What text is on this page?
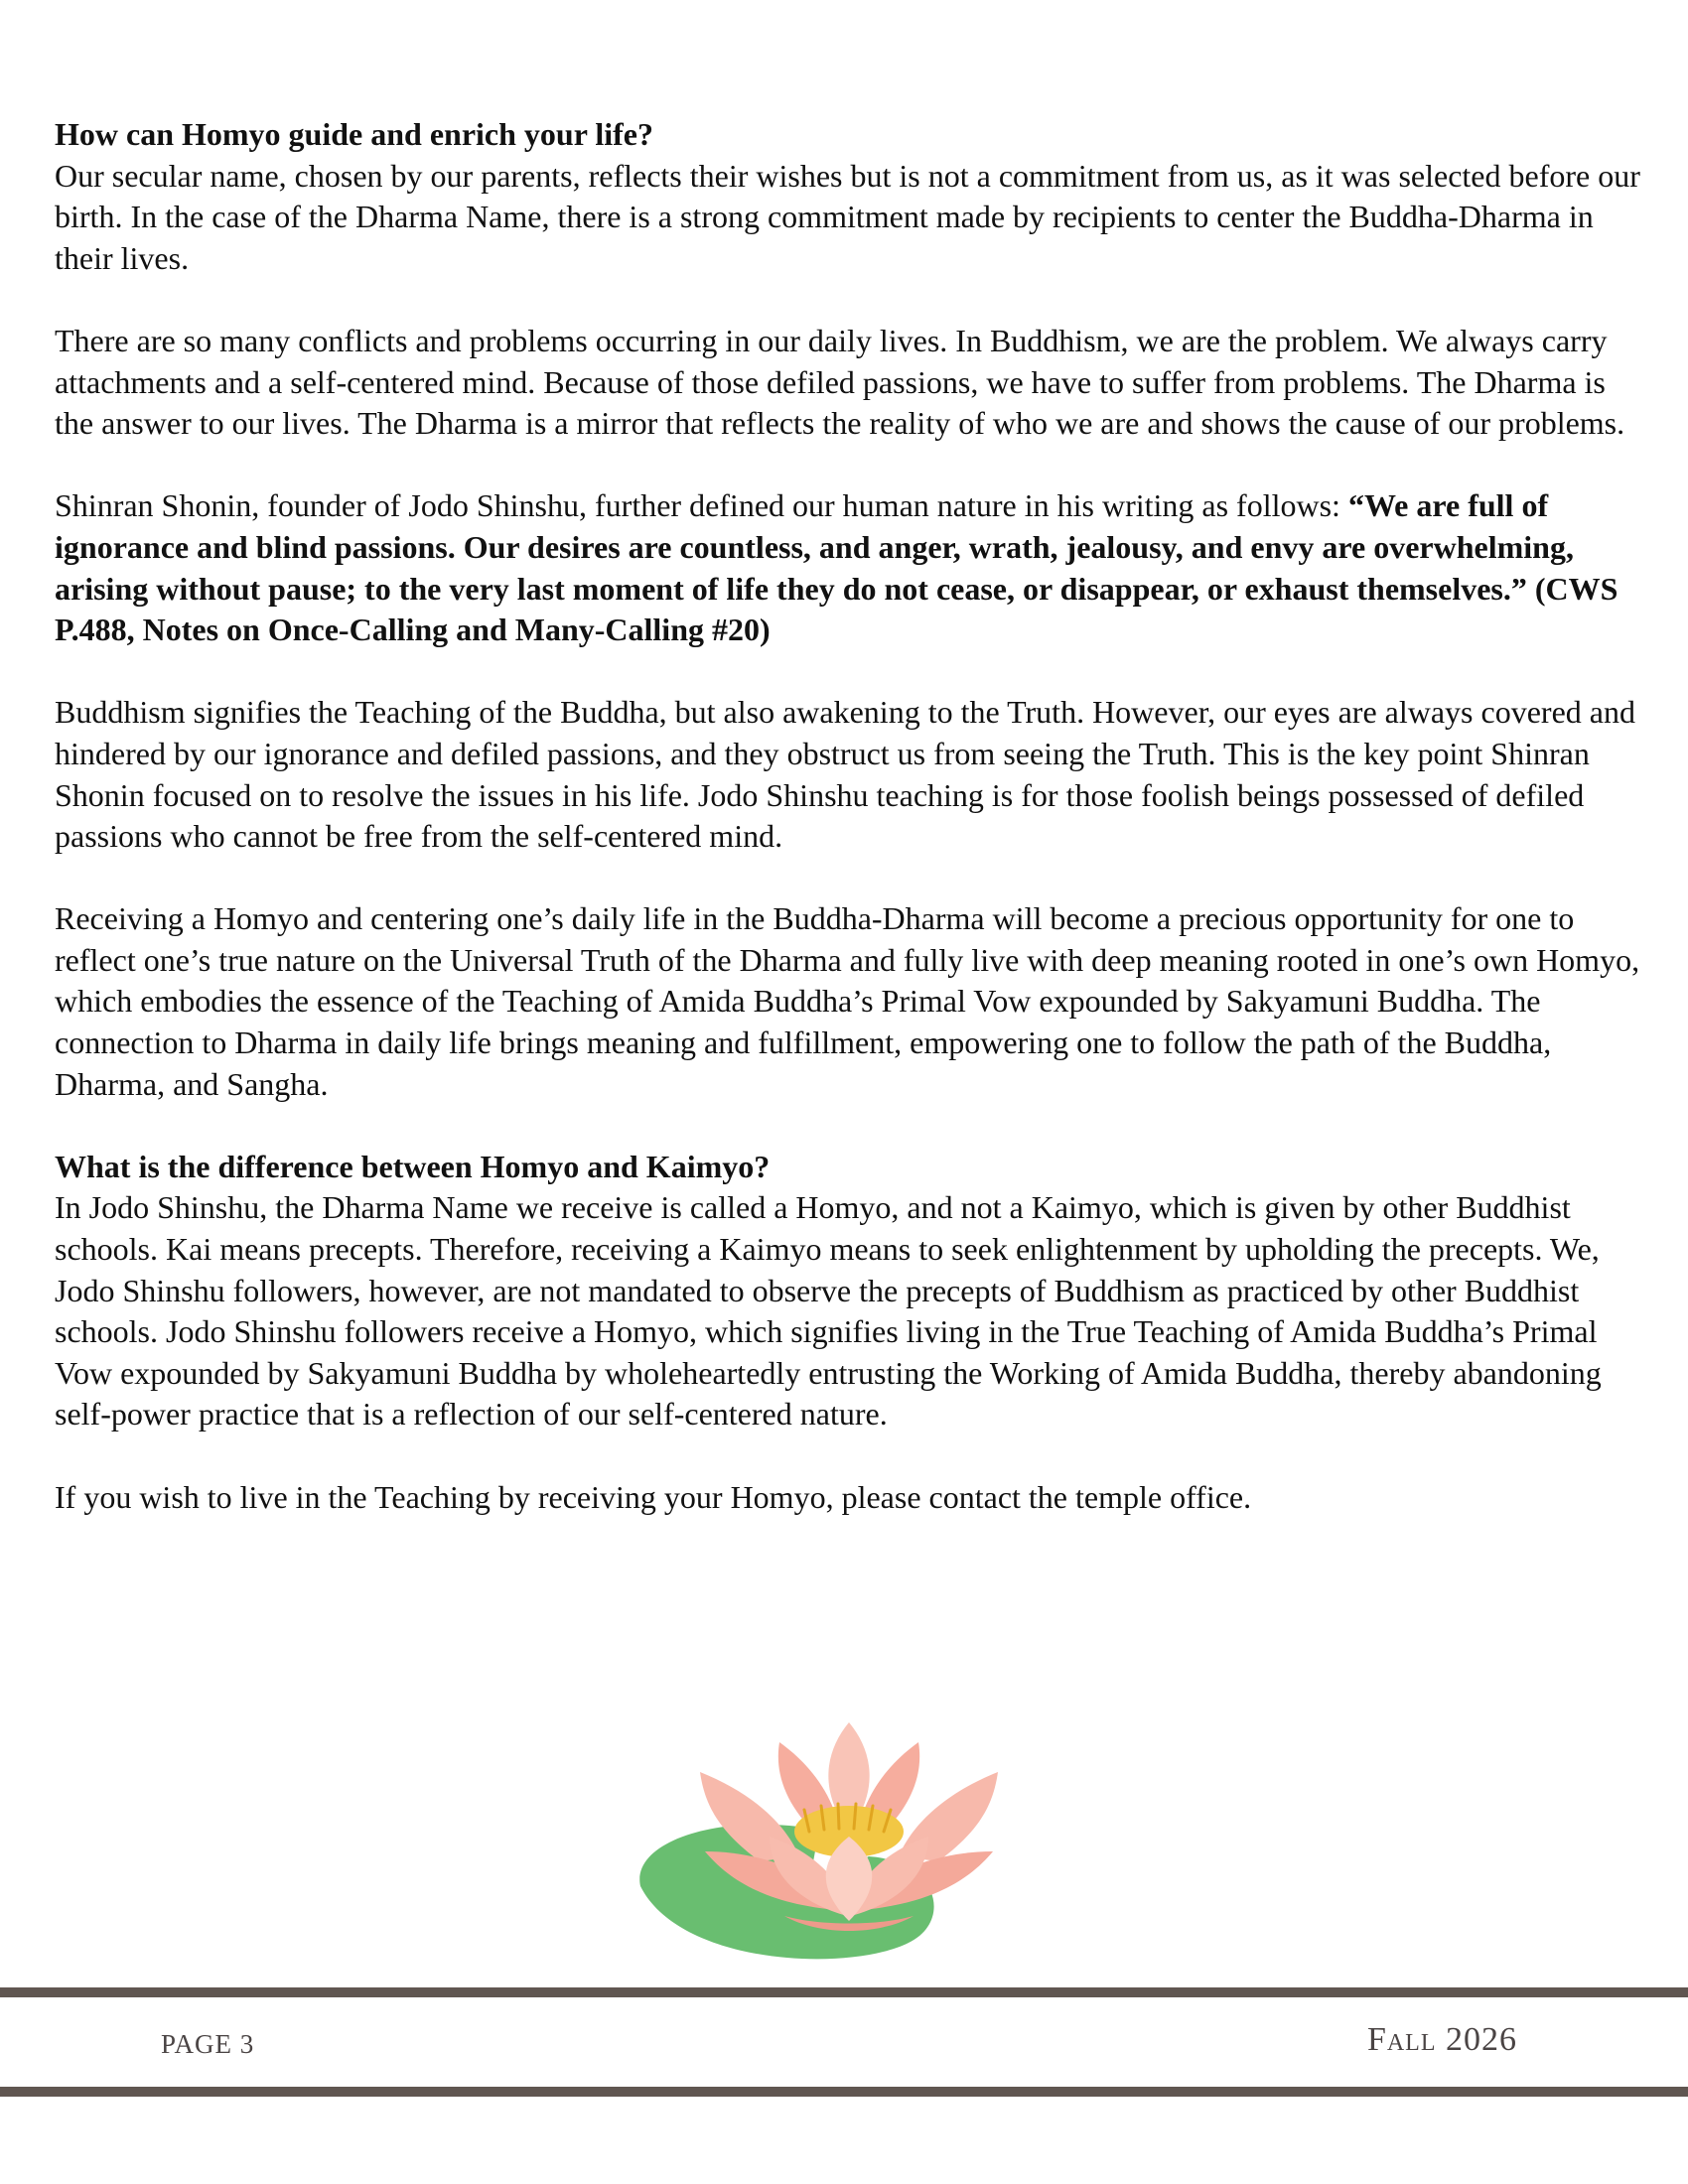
How can Homyo guide and enrich your life?
Our secular name, chosen by our parents, reflects their wishes but is not a commitment from us, as it was selected before our birth. In the case of the Dharma Name, there is a strong commitment made by recipients to center the Buddha-Dharma in their lives.

There are so many conflicts and problems occurring in our daily lives. In Buddhism, we are the problem. We always carry attachments and a self-centered mind. Because of those defiled passions, we have to suffer from problems. The Dharma is the answer to our lives. The Dharma is a mirror that reflects the reality of who we are and shows the cause of our problems.

Shinran Shonin, founder of Jodo Shinshu, further defined our human nature in his writing as follows: “We are full of ignorance and blind passions. Our desires are countless, and anger, wrath, jealousy, and envy are overwhelming, arising without pause; to the very last moment of life they do not cease, or disappear, or exhaust themselves.” (CWS P.488, Notes on Once-Calling and Many-Calling #20)

Buddhism signifies the Teaching of the Buddha, but also awakening to the Truth. However, our eyes are always covered and hindered by our ignorance and defiled passions, and they obstruct us from seeing the Truth. This is the key point Shinran Shonin focused on to resolve the issues in his life. Jodo Shinshu teaching is for those foolish beings possessed of defiled passions who cannot be free from the self-centered mind.

Receiving a Homyo and centering one’s daily life in the Buddha-Dharma will become a precious opportunity for one to reflect one’s true nature on the Universal Truth of the Dharma and fully live with deep meaning rooted in one’s own Homyo, which embodies the essence of the Teaching of Amida Buddha’s Primal Vow expounded by Sakyamuni Buddha. The connection to Dharma in daily life brings meaning and fulfillment, empowering one to follow the path of the Buddha, Dharma, and Sangha.

What is the difference between Homyo and Kaimyo?
In Jodo Shinshu, the Dharma Name we receive is called a Homyo, and not a Kaimyo, which is given by other Buddhist schools. Kai means precepts. Therefore, receiving a Kaimyo means to seek enlightenment by upholding the precepts. We, Jodo Shinshu followers, however, are not mandated to observe the precepts of Buddhism as practiced by other Buddhist schools. Jodo Shinshu followers receive a Homyo, which signifies living in the True Teaching of Amida Buddha’s Primal Vow expounded by Sakyamuni Buddha by wholeheartedly entrusting the Working of Amida Buddha, thereby abandoning self-power practice that is a reflection of our self-centered nature.

If you wish to live in the Teaching by receiving your Homyo, please contact the temple office.

PAGE 3	Fall 2026
